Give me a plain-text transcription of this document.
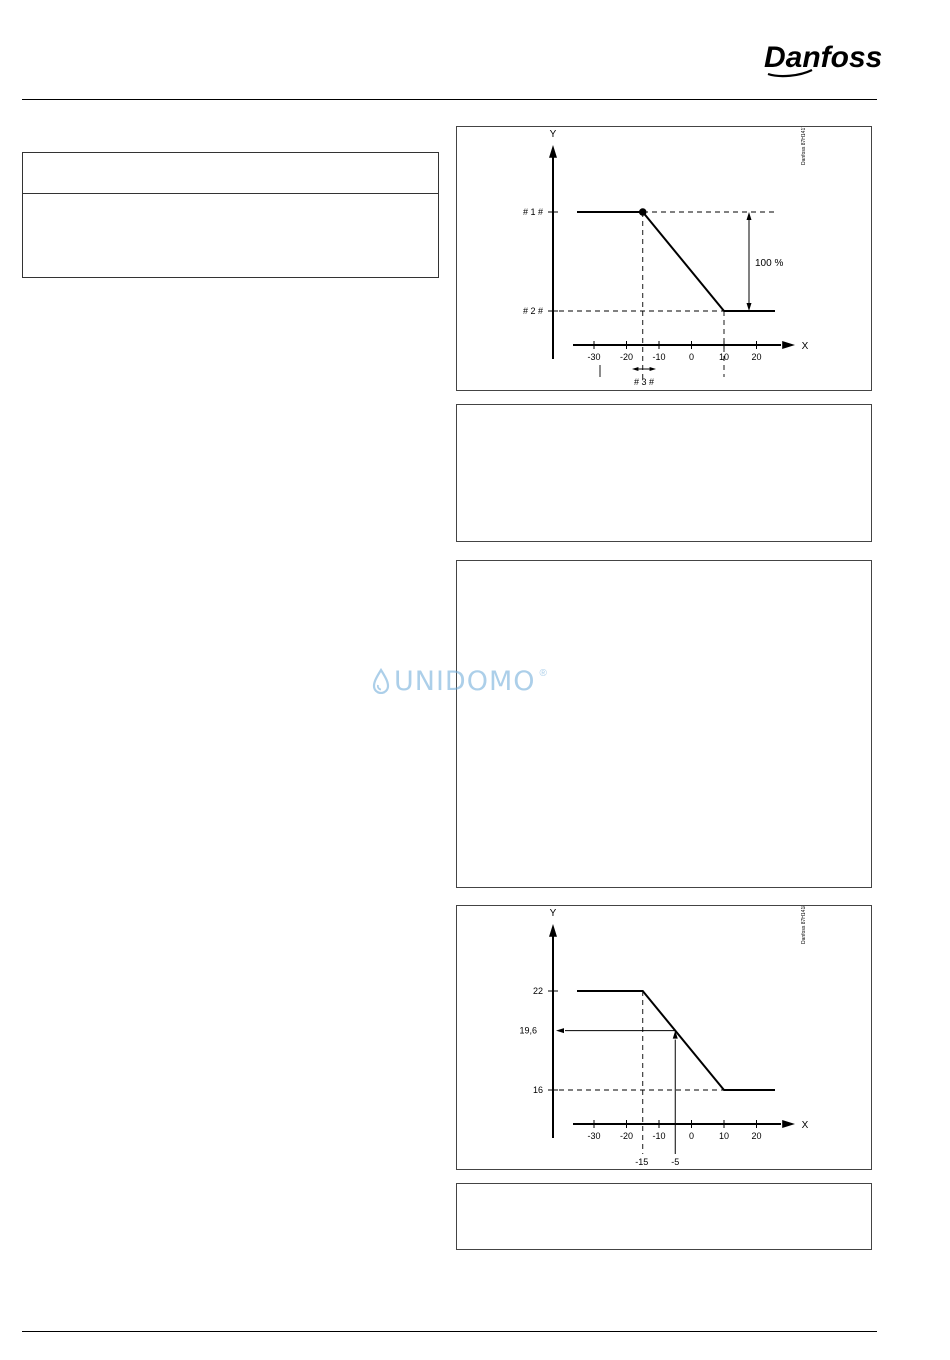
Danfoss
Y
X
-30 -20 -10	0	10 20
# 1 #
# 2 #
100 %
# 3 #
Danfoss 87H1417.10
UNIDOMO ®
Y
X
-30 -20 -10	0	10 20
22
16
19,6
-5
-15
Danfoss 87H1418.10
